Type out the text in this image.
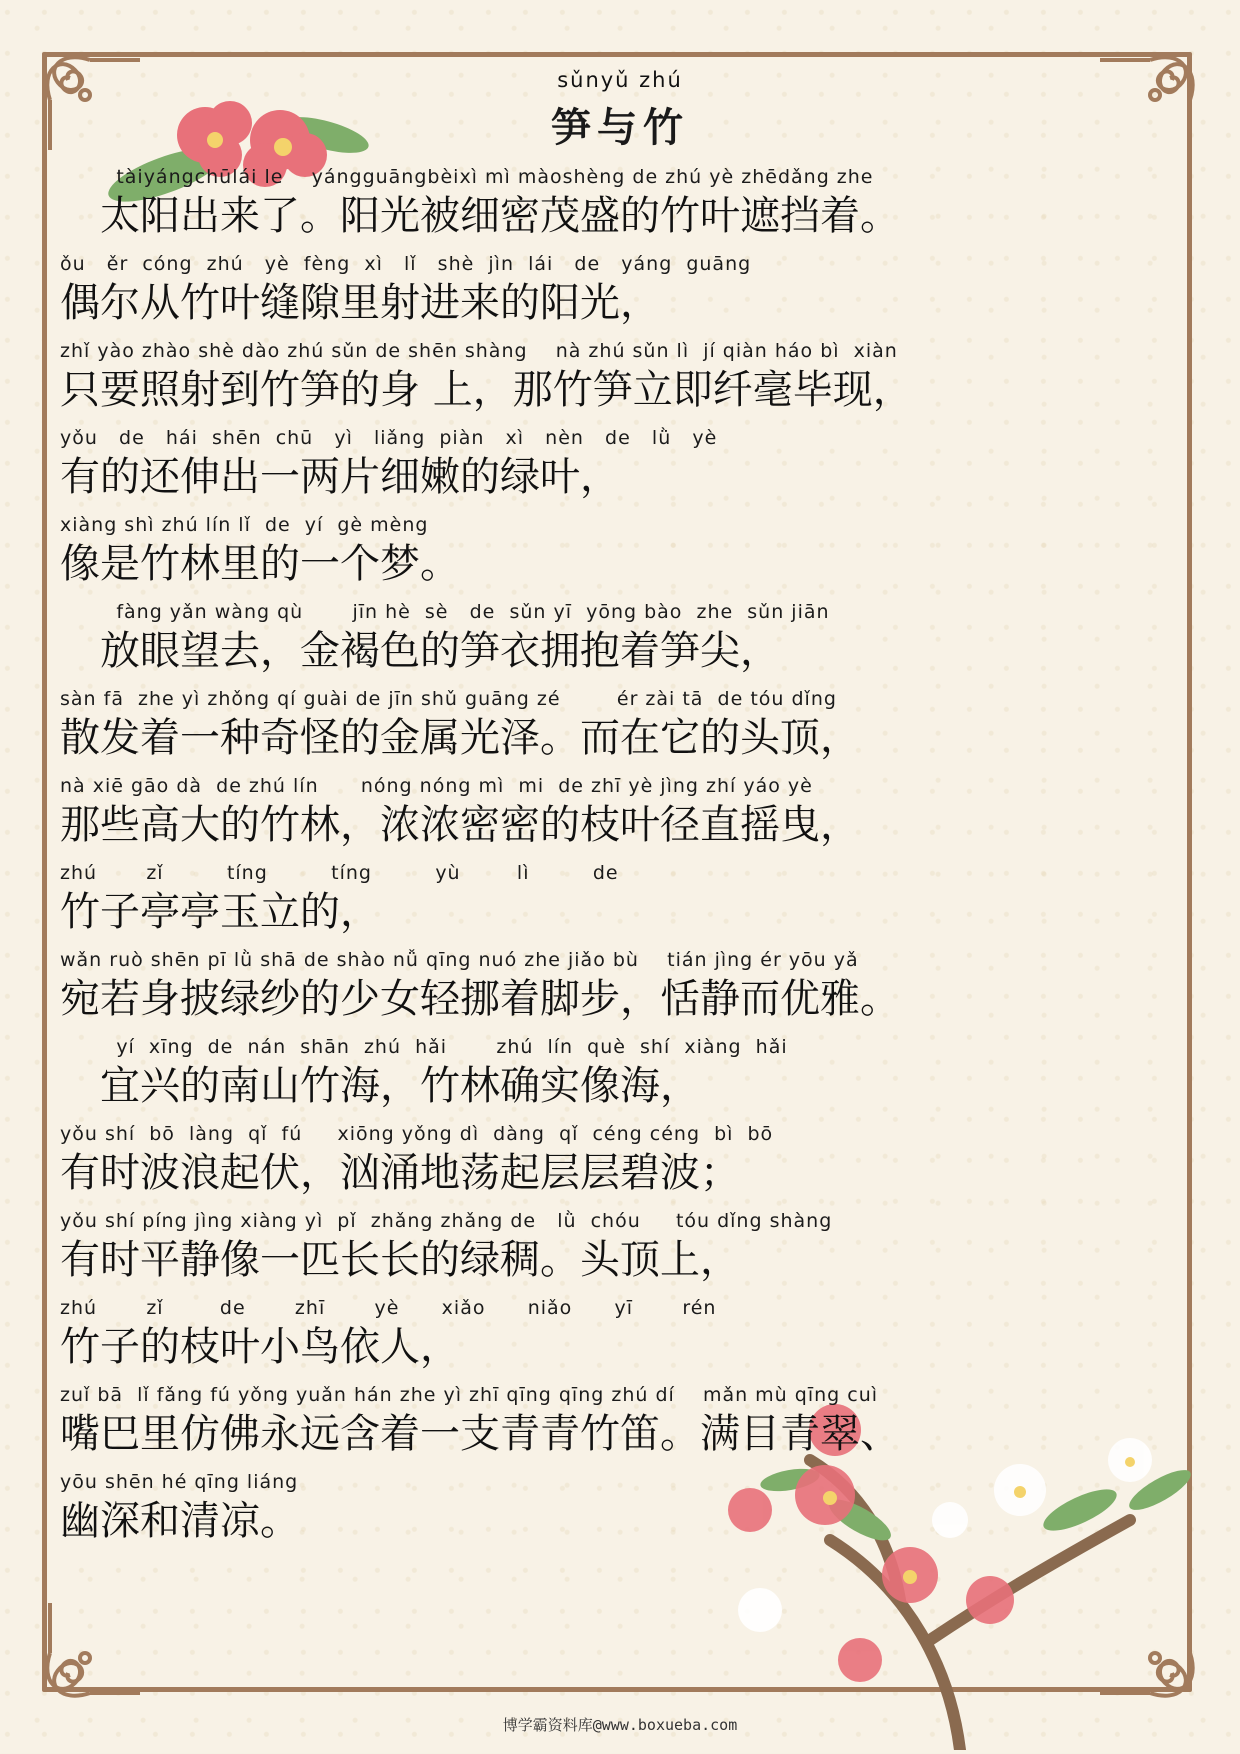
sǔnyǔ zhú
笋与竹
tàiyángchūlái le    yángguāngbèixì mì màoshèng de zhú yè zhēdǎng zhe
　太阳出来了。阳光被细密茂盛的竹叶遮挡着。
ǒu   ěr  cóng  zhú   yè  fèng  xì   lǐ   shè  jìn  lái   de   yáng  guāng
偶尔从竹叶缝隙里射进来的阳光，
zhǐ yào zhào shè dào zhú sǔn de shēn shàng    nà zhú sǔn lì  jí qiàn háo bì  xiàn
只要照射到竹笋的身 上，那竹笋立即纤毫毕现，
yǒu   de   hái  shēn  chū   yì   liǎng  piàn   xì   nèn   de   lǜ   yè
有的还伸出一两片细嫩的绿叶，
xiàng shì zhú lín lǐ  de  yí  gè mèng
像是竹林里的一个梦。
fàng yǎn wàng qù       jīn hè  sè   de  sǔn yī  yōng bào  zhe  sǔn jiān
　放眼望去，金褐色的笋衣拥抱着笋尖，
sàn fā  zhe yì zhǒng qí guài de jīn shǔ guāng zé        ér zài tā  de tóu dǐng
散发着一种奇怪的金属光泽。而在它的头顶，
nà xiē gāo dà  de zhú lín      nóng nóng mì  mi  de zhī yè jìng zhí yáo yè
那些高大的竹林，浓浓密密的枝叶径直摇曳，
zhú       zǐ         tíng         tíng         yù        lì         de
竹子亭亭玉立的，
wǎn ruò shēn pī lǜ shā de shào nǚ qīng nuó zhe jiǎo bù    tián jìng ér yōu yǎ
宛若身披绿纱的少女轻挪着脚步，恬静而优雅。
yí  xīng  de  nán  shān  zhú  hǎi       zhú  lín  què  shí  xiàng  hǎi
　宜兴的南山竹海，竹林确实像海，
yǒu shí  bō  làng  qǐ  fú     xiōng yǒng dì  dàng  qǐ  céng céng  bì  bō
有时波浪起伏，汹涌地荡起层层碧波；
yǒu shí píng jìng xiàng yì  pǐ  zhǎng zhǎng de   lǜ  chóu     tóu dǐng shàng
有时平静像一匹长长的绿稠。头顶上，
zhú       zǐ        de       zhī       yè      xiǎo      niǎo      yī       rén
竹子的枝叶小鸟依人，
zuǐ bā  lǐ fǎng fú yǒng yuǎn hán zhe yì zhī qīng qīng zhú dí    mǎn mù qīng cuì
嘴巴里仿佛永远含着一支青青竹笛。满目青翠、
yōu shēn hé qīng liáng
幽深和清凉。
博学霸资料库@www.boxueba.com
